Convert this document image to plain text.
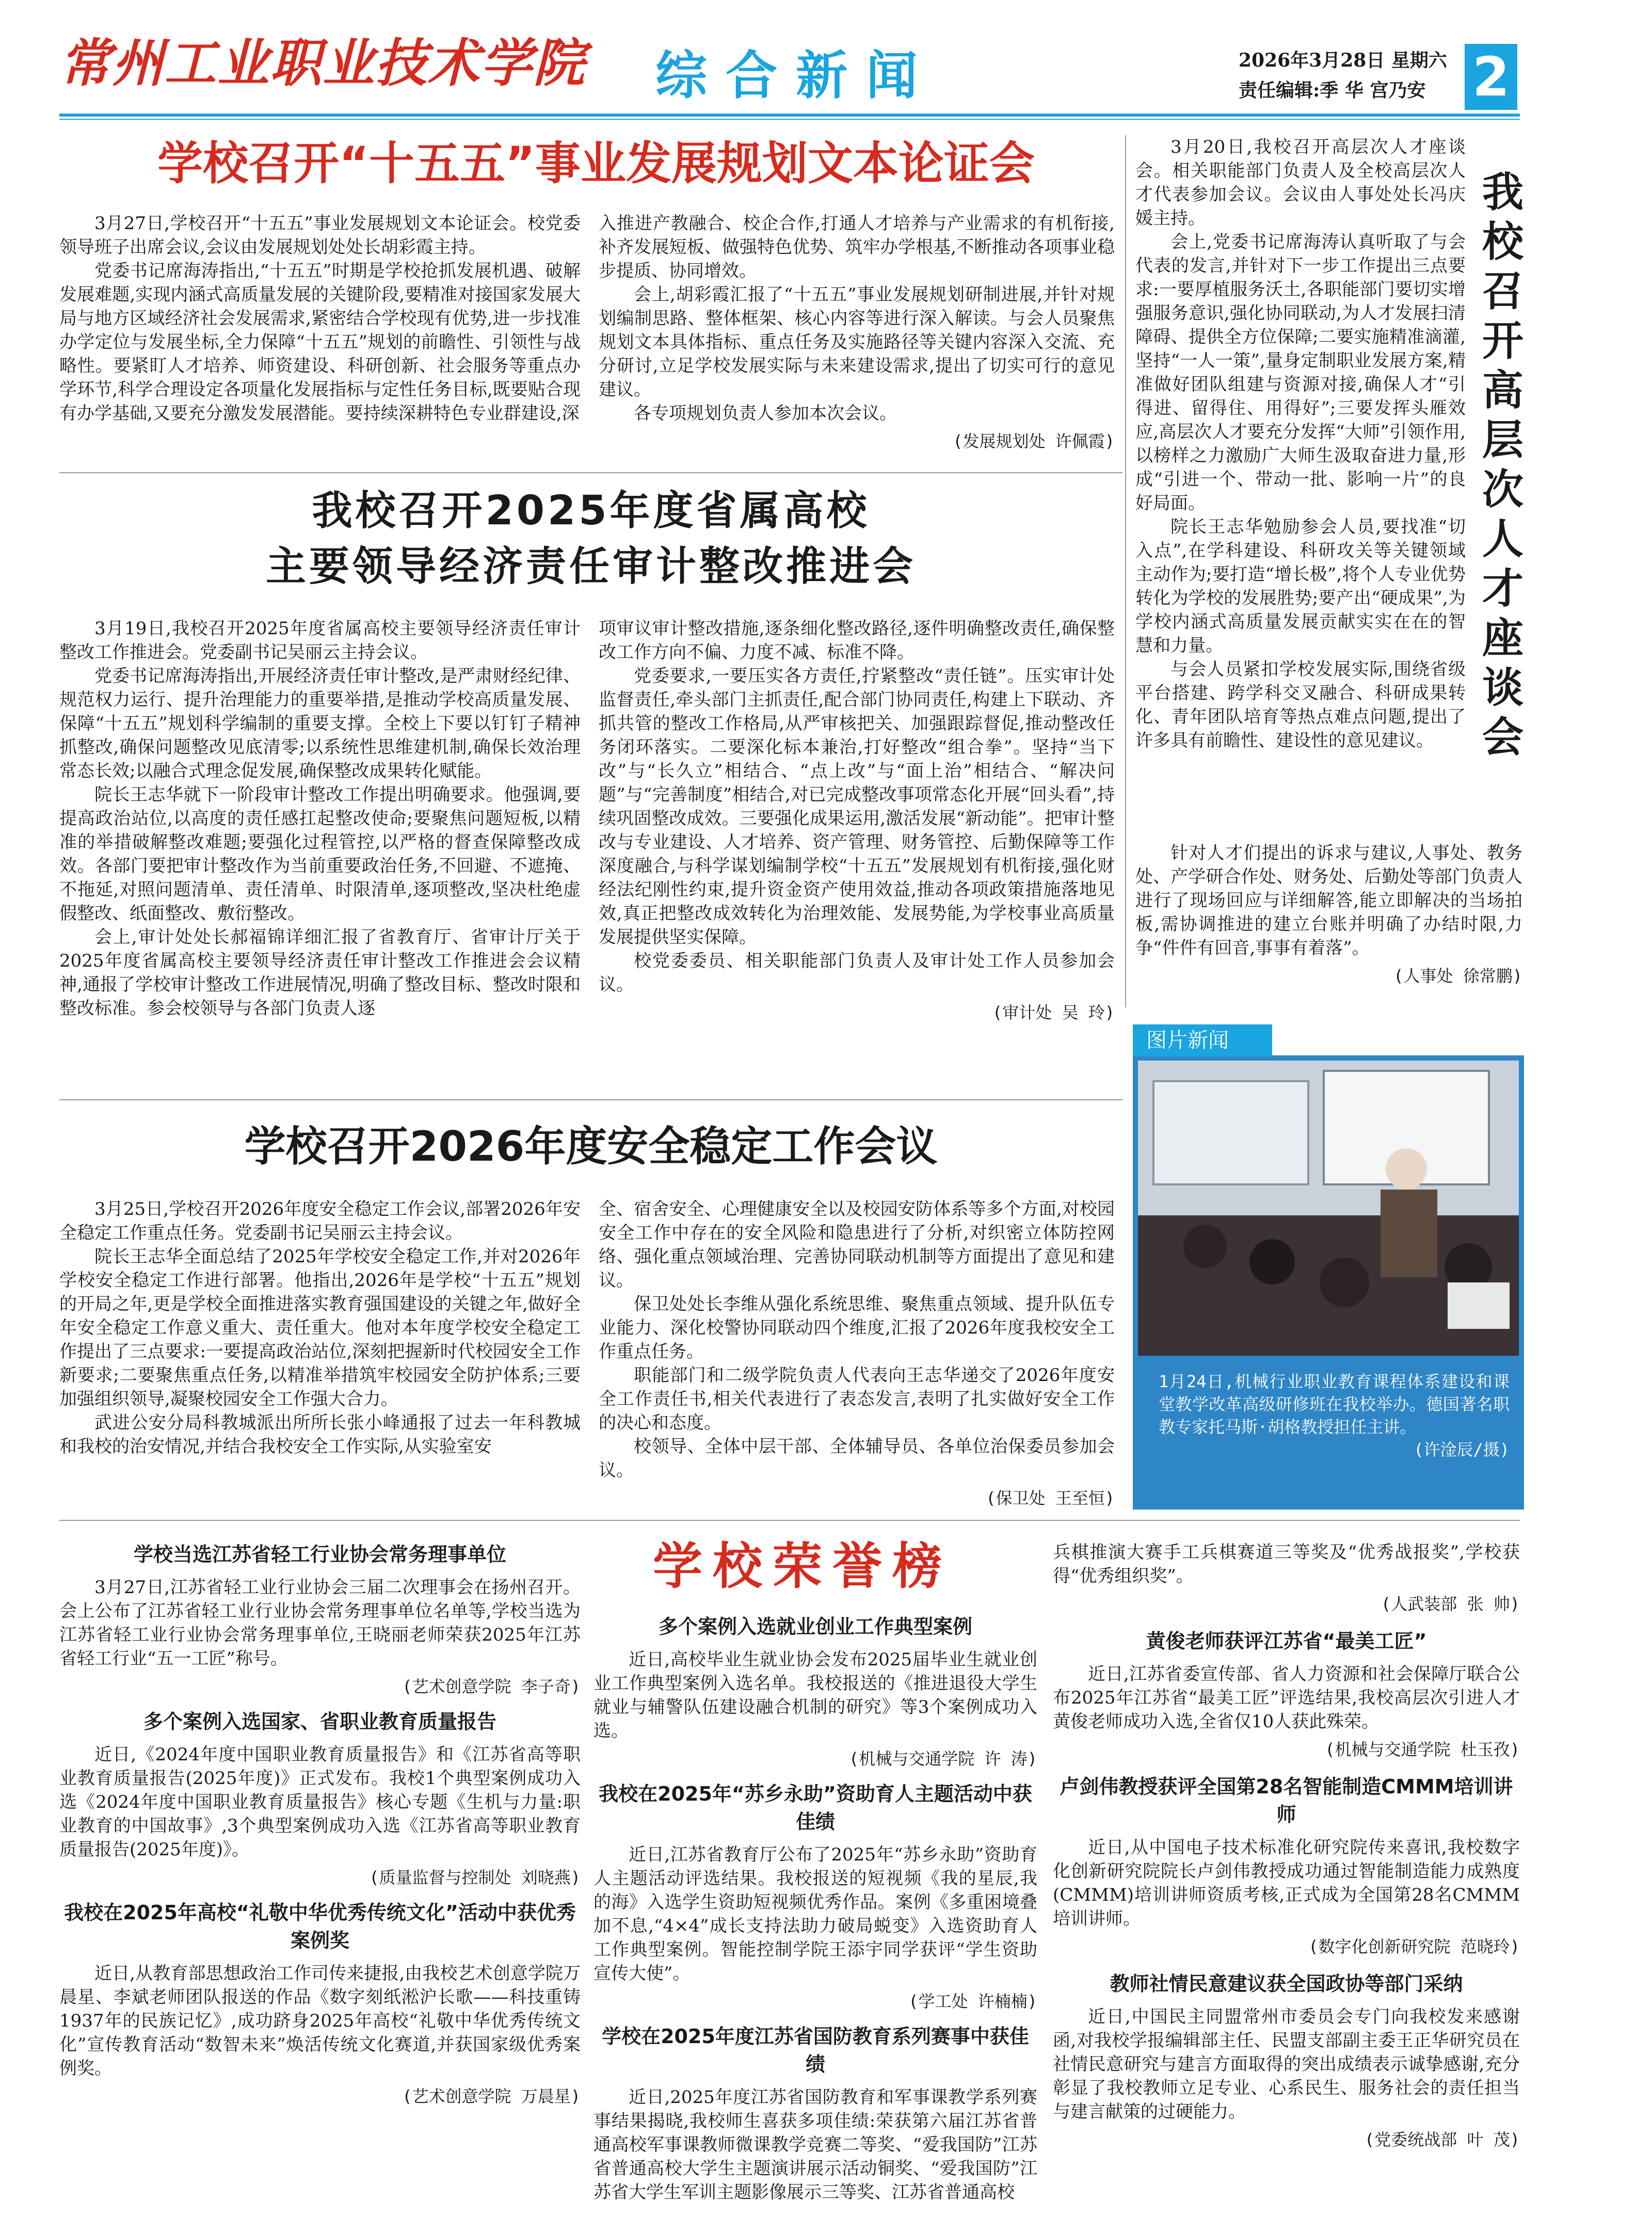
常州工业职业技术学院 综合新闻	2026年3月28日 星期六
责任编辑:季 华 宫乃安 2
学校召开“十五五”事业发展规划文本论证会

3月27日,学校召开“十五五”事业发展规划文本论证会。校党委领导班子出席会议,会议由发展规划处处长胡彩霞主持。

党委书记席海涛指出,“十五五”时期是学校抢抓发展机遇、破解发展难题,实现内涵式高质量发展的关键阶段,要精准对接国家发展大局与地方区域经济社会发展需求,紧密结合学校现有优势,进一步找准办学定位与发展坐标,全力保障“十五五”规划的前瞻性、引领性与战略性。要紧盯人才培养、师资建设、科研创新、社会服务等重点办学环节,科学合理设定各项量化发展指标与定性任务目标,既要贴合现有办学基础,又要充分激发发展潜能。要持续深耕特色专业群建设,深

入推进产教融合、校企合作,打通人才培养与产业需求的有机衔接,补齐发展短板、做强特色优势、筑牢办学根基,不断推动各项事业稳步提质、协同增效。

会上,胡彩霞汇报了“十五五”事业发展规划研制进展,并针对规划编制思路、整体框架、核心内容等进行深入解读。与会人员聚焦规划文本具体指标、重点任务及实施路径等关键内容深入交流、充分研讨,立足学校发展实际与未来建设需求,提出了切实可行的意见建议。

各专项规划负责人参加本次会议。

(发展规划处 许佩霞)
我校召开2025年度省属高校
主要领导经济责任审计整改推进会

3月19日,我校召开2025年度省属高校主要领导经济责任审计整改工作推进会。党委副书记吴丽云主持会议。

党委书记席海涛指出,开展经济责任审计整改,是严肃财经纪律、规范权力运行、提升治理能力的重要举措,是推动学校高质量发展、保障“十五五”规划科学编制的重要支撑。全校上下要以钉钉子精神抓整改,确保问题整改见底清零;以系统性思维建机制,确保长效治理常态长效;以融合式理念促发展,确保整改成果转化赋能。

院长王志华就下一阶段审计整改工作提出明确要求。他强调,要提高政治站位,以高度的责任感扛起整改使命;要聚焦问题短板,以精准的举措破解整改难题;要强化过程管控,以严格的督查保障整改成效。各部门要把审计整改作为当前重要政治任务,不回避、不遮掩、不拖延,对照问题清单、责任清单、时限清单,逐项整改,坚决杜绝虚假整改、纸面整改、敷衍整改。

会上,审计处处长郝福锦详细汇报了省教育厅、省审计厅关于2025年度省属高校主要领导经济责任审计整改工作推进会会议精神,通报了学校审计整改工作进展情况,明确了整改目标、整改时限和整改标准。参会校领导与各部门负责人逐

项审议审计整改措施,逐条细化整改路径,逐件明确整改责任,确保整改工作方向不偏、力度不减、标准不降。

党委要求,一要压实各方责任,拧紧整改“责任链”。压实审计处监督责任,牵头部门主抓责任,配合部门协同责任,构建上下联动、齐抓共管的整改工作格局,从严审核把关、加强跟踪督促,推动整改任务闭环落实。二要深化标本兼治,打好整改“组合拳”。坚持“当下改”与“长久立”相结合、“点上改”与“面上治”相结合、“解决问题”与“完善制度”相结合,对已完成整改事项常态化开展“回头看”,持续巩固整改成效。三要强化成果运用,激活发展“新动能”。把审计整改与专业建设、人才培养、资产管理、财务管控、后勤保障等工作深度融合,与科学谋划编制学校“十五五”发展规划有机衔接,强化财经法纪刚性约束,提升资金资产使用效益,推动各项政策措施落地见效,真正把整改成效转化为治理效能、发展势能,为学校事业高质量发展提供坚实保障。

校党委委员、相关职能部门负责人及审计处工作人员参加会议。

(审计处 吴 玲)
学校召开2026年度安全稳定工作会议

3月25日,学校召开2026年度安全稳定工作会议,部署2026年安全稳定工作重点任务。党委副书记吴丽云主持会议。

院长王志华全面总结了2025年学校安全稳定工作,并对2026年学校安全稳定工作进行部署。他指出,2026年是学校“十五五”规划的开局之年,更是学校全面推进落实教育强国建设的关键之年,做好全年安全稳定工作意义重大、责任重大。他对本年度学校安全稳定工作提出了三点要求:一要提高政治站位,深刻把握新时代校园安全工作新要求;二要聚焦重点任务,以精准举措筑牢校园安全防护体系;三要加强组织领导,凝聚校园安全工作强大合力。

武进公安分局科教城派出所所长张小峰通报了过去一年科教城和我校的治安情况,并结合我校安全工作实际,从实验室安

全、宿舍安全、心理健康安全以及校园安防体系等多个方面,对校园安全工作中存在的安全风险和隐患进行了分析,对织密立体防控网络、强化重点领域治理、完善协同联动机制等方面提出了意见和建议。

保卫处处长李维从强化系统思维、聚焦重点领域、提升队伍专业能力、深化校警协同联动四个维度,汇报了2026年度我校安全工作重点任务。

职能部门和二级学院负责人代表向王志华递交了2026年度安全工作责任书,相关代表进行了表态发言,表明了扎实做好安全工作的决心和态度。

校领导、全体中层干部、全体辅导员、各单位治保委员参加会议。

(保卫处 王至恒)

3月20日,我校召开高层次人才座谈会。相关职能部门负责人及全校高层次人才代表参加会议。会议由人事处处长冯庆媛主持。

会上,党委书记席海涛认真听取了与会代表的发言,并针对下一步工作提出三点要求:一要厚植服务沃土,各职能部门要切实增强服务意识,强化协同联动,为人才发展扫清障碍、提供全方位保障;二要实施精准滴灌,坚持“一人一策”,量身定制职业发展方案,精准做好团队组建与资源对接,确保人才“引得进、留得住、用得好”;三要发挥头雁效应,高层次人才要充分发挥“大师”引领作用,以榜样之力激励广大师生汲取奋进力量,形成“引进一个、带动一批、影响一片”的良好局面。

院长王志华勉励参会人员,要找准“切入点”,在学科建设、科研攻关等关键领域主动作为;要打造“增长极”,将个人专业优势转化为学校的发展胜势;要产出“硬成果”,为学校内涵式高质量发展贡献实实在在的智慧和力量。

与会人员紧扣学校发展实际,围绕省级平台搭建、跨学科交叉融合、科研成果转化、青年团队培育等热点难点问题,提出了许多具有前瞻性、建设性的意见建议。

针对人才们提出的诉求与建议,人事处、教务处、产学研合作处、财务处、后勤处等部门负责人进行了现场回应与详细解答,能立即解决的当场拍板,需协调推进的建立台账并明确了办结时限,力争“件件有回音,事事有着落”。

(人事处 徐常鹏)
我校召开高层次人才座谈会
图片新闻
1月24日,机械行业职业教育课程体系建设和课堂教学改革高级研修班在我校举办。德国著名职教专家托马斯·胡格教授担任主讲。
(许淦辰/摄)
学校荣誉榜
学校当选江苏省轻工行业协会常务理事单位

3月27日,江苏省轻工业行业协会三届二次理事会在扬州召开。会上公布了江苏省轻工业行业协会常务理事单位名单等,学校当选为江苏省轻工业行业协会常务理事单位,王晓丽老师荣获2025年江苏省轻工行业“五一工匠”称号。

(艺术创意学院 李子奇)
多个案例入选国家、省职业教育质量报告

近日,《2024年度中国职业教育质量报告》和《江苏省高等职业教育质量报告(2025年度)》正式发布。我校1个典型案例成功入选《2024年度中国职业教育质量报告》核心专题《生机与力量:职业教育的中国故事》,3个典型案例成功入选《江苏省高等职业教育质量报告(2025年度)》。

(质量监督与控制处 刘晓燕)
我校在2025年高校“礼敬中华优秀传统文化”活动中获优秀案例奖

近日,从教育部思想政治工作司传来捷报,由我校艺术创意学院万晨星、李斌老师团队报送的作品《数字刻纸淞沪长歌——科技重铸1937年的民族记忆》,成功跻身2025年高校“礼敬中华优秀传统文化”宣传教育活动“数智未来”焕活传统文化赛道,并获国家级优秀案例奖。

(艺术创意学院 万晨星)
多个案例入选就业创业工作典型案例

近日,高校毕业生就业协会发布2025届毕业生就业创业工作典型案例入选名单。我校报送的《推进退役大学生就业与辅警队伍建设融合机制的研究》等3个案例成功入选。

(机械与交通学院 许 涛)
我校在2025年“苏乡永助”资助育人主题活动中获佳绩

近日,江苏省教育厅公布了2025年“苏乡永助”资助育人主题活动评选结果。我校报送的短视频《我的星辰,我的海》入选学生资助短视频优秀作品。案例《多重困境叠加不息,“4×4”成长支持法助力破局蜕变》入选资助育人工作典型案例。智能控制学院王添宇同学获评“学生资助宣传大使”。

(学工处 许楠楠)
学校在2025年度江苏省国防教育系列赛事中获佳绩

近日,2025年度江苏省国防教育和军事课教学系列赛事结果揭晓,我校师生喜获多项佳绩:荣获第六届江苏省普通高校军事课教师微课教学竞赛二等奖、“爱我国防”江苏省普通高校大学生主题演讲展示活动铜奖、“爱我国防”江苏省大学生军训主题影像展示三等奖、江苏省普通高校

兵棋推演大赛手工兵棋赛道三等奖及“优秀战报奖”,学校获得“优秀组织奖”。

(人武装部 张 帅)
黄俊老师获评江苏省“最美工匠”

近日,江苏省委宣传部、省人力资源和社会保障厅联合公布2025年江苏省“最美工匠”评选结果,我校高层次引进人才黄俊老师成功入选,全省仅10人获此殊荣。

(机械与交通学院 杜玉孜)
卢剑伟教授获评全国第28名智能制造CMMM培训讲师

近日,从中国电子技术标准化研究院传来喜讯,我校数字化创新研究院院长卢剑伟教授成功通过智能制造能力成熟度(CMMM)培训讲师资质考核,正式成为全国第28名CMMM培训讲师。

(数字化创新研究院 范晓玲)
教师社情民意建议获全国政协等部门采纳

近日,中国民主同盟常州市委员会专门向我校发来感谢函,对我校学报编辑部主任、民盟支部副主委王正华研究员在社情民意研究与建言方面取得的突出成绩表示诚挚感谢,充分彰显了我校教师立足专业、心系民生、服务社会的责任担当与建言献策的过硬能力。

(党委统战部 叶 茂)
